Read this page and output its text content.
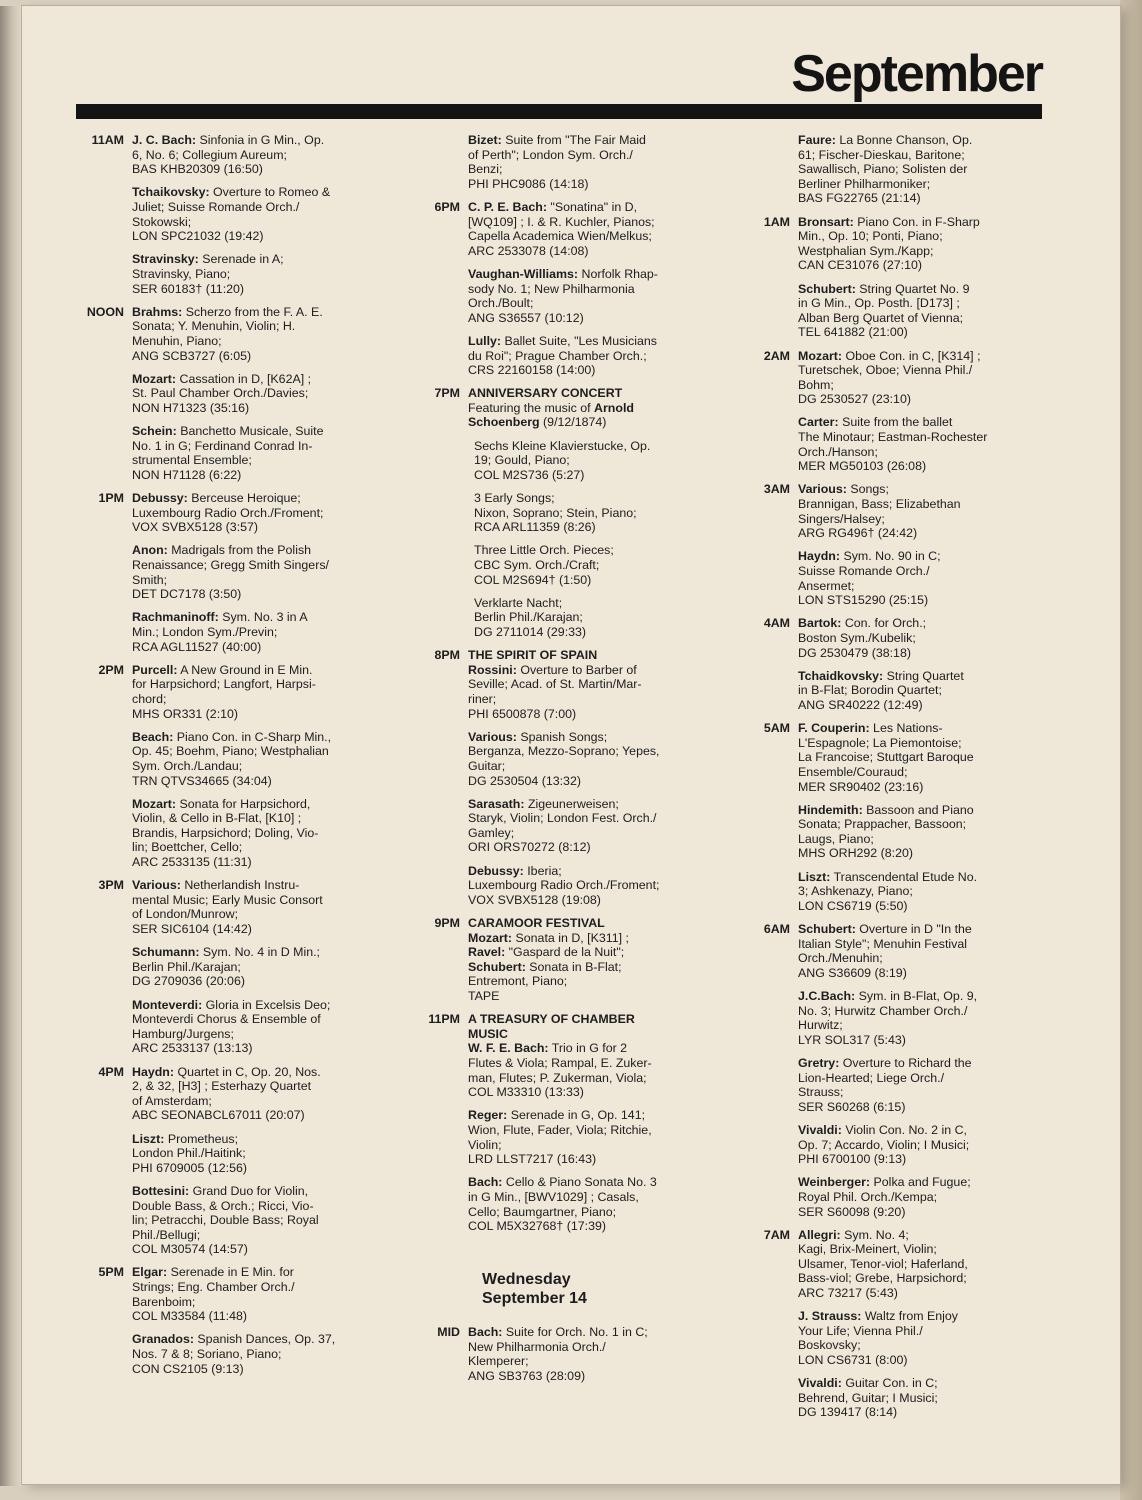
September
11AM J. C. Bach: Sinfonia in G Min., Op.
6, No. 6; Collegium Aureum;
BAS KHB20309 (16:50)
Tchaikovsky: Overture to Romeo &
Juliet; Suisse Romande Orch./
Stokowski;
LON SPC21032 (19:42)
Stravinsky: Serenade in A;
Stravinsky, Piano;
SER 60183† (11:20)
NOON Brahms: Scherzo from the F. A. E.
Sonata; Y. Menuhin, Violin; H.
Menuhin, Piano;
ANG SCB3727 (6:05)
Mozart: Cassation in D, [K62A] ;
St. Paul Chamber Orch./Davies;
NON H71323 (35:16)
Schein: Banchetto Musicale, Suite
No. 1 in G; Ferdinand Conrad In-
strumental Ensemble;
NON H71128 (6:22)
1PM Debussy: Berceuse Heroique;
Luxembourg Radio Orch./Froment;
VOX SVBX5128 (3:57)
Anon: Madrigals from the Polish
Renaissance; Gregg Smith Singers/
Smith;
DET DC7178 (3:50)
Rachmaninoff: Sym. No. 3 in A
Min.; London Sym./Previn;
RCA AGL11527 (40:00)
2PM Purcell: A New Ground in E Min.
for Harpsichord; Langfort, Harpsi-
chord;
MHS OR331 (2:10)
Beach: Piano Con. in C-Sharp Min.,
Op. 45; Boehm, Piano; Westphalian
Sym. Orch./Landau;
TRN QTVS34665 (34:04)
Mozart: Sonata for Harpsichord,
Violin, & Cello in B-Flat, [K10] ;
Brandis, Harpsichord; Doling, Vio-
lin; Boettcher, Cello;
ARC 2533135 (11:31)
3PM Various: Netherlandish Instru-
mental Music; Early Music Consort
of London/Munrow;
SER SIC6104 (14:42)
Schumann: Sym. No. 4 in D Min.;
Berlin Phil./Karajan;
DG 2709036 (20:06)
Monteverdi: Gloria in Excelsis Deo;
Monteverdi Chorus & Ensemble of
Hamburg/Jurgens;
ARC 2533137 (13:13)
4PM Haydn: Quartet in C, Op. 20, Nos.
2, & 32, [H3] ; Esterhazy Quartet
of Amsterdam;
ABC SEONABCL67011 (20:07)
Liszt: Prometheus;
London Phil./Haitink;
PHI 6709005 (12:56)
Bottesini: Grand Duo for Violin,
Double Bass, & Orch.; Ricci, Vio-
lin; Petracchi, Double Bass; Royal
Phil./Bellugi;
COL M30574 (14:57)
5PM Elgar: Serenade in E Min. for
Strings; Eng. Chamber Orch./
Barenboim;
COL M33584 (11:48)
Granados: Spanish Dances, Op. 37,
Nos. 7 & 8; Soriano, Piano;
CON CS2105 (9:13)
Bizet: Suite from "The Fair Maid
of Perth"; London Sym. Orch./
Benzi;
PHI PHC9086 (14:18)
6PM C. P. E. Bach: "Sonatina" in D,
[WQ109] ; I. & R. Kuchler, Pianos;
Capella Academica Wien/Melkus;
ARC 2533078 (14:08)
Vaughan-Williams: Norfolk Rhap-
sody No. 1; New Philharmonia
Orch./Boult;
ANG S36557 (10:12)
Lully: Ballet Suite, "Les Musicians
du Roi"; Prague Chamber Orch.;
CRS 22160158 (14:00)
7PM ANNIVERSARY CONCERT
Featuring the music of Arnold
Schoenberg (9/12/1874)
Sechs Kleine Klavierstucke, Op.
19; Gould, Piano;
COL M2S736 (5:27)
3 Early Songs;
Nixon, Soprano; Stein, Piano;
RCA ARL11359 (8:26)
Three Little Orch. Pieces;
CBC Sym. Orch./Craft;
COL M2S694† (1:50)
Verklarte Nacht;
Berlin Phil./Karajan;
DG 2711014 (29:33)
8PM THE SPIRIT OF SPAIN
Rossini: Overture to Barber of
Seville; Acad. of St. Martin/Mar-
riner;
PHI 6500878 (7:00)
Various: Spanish Songs;
Berganza, Mezzo-Soprano; Yepes,
Guitar;
DG 2530504 (13:32)
Sarasath: Zigeunerweisen;
Staryk, Violin; London Fest. Orch./
Gamley;
ORI ORS70272 (8:12)
Debussy: Iberia;
Luxembourg Radio Orch./Froment;
VOX SVBX5128 (19:08)
9PM CARAMOOR FESTIVAL
Mozart: Sonata in D, [K311] ;
Ravel: "Gaspard de la Nuit";
Schubert: Sonata in B-Flat;
Entremont, Piano;
TAPE
11PM A TREASURY OF CHAMBER
MUSIC
W. F. E. Bach: Trio in G for 2
Flutes & Viola; Rampal, E. Zuker-
man, Flutes; P. Zukerman, Viola;
COL M33310 (13:33)
Reger: Serenade in G, Op. 141;
Wion, Flute, Fader, Viola; Ritchie,
Violin;
LRD LLST7217 (16:43)
Bach: Cello & Piano Sonata No. 3
in G Min., [BWV1029] ; Casals,
Cello; Baumgartner, Piano;
COL M5X32768† (17:39)
Wednesday
September 14
MID Bach: Suite for Orch. No. 1 in C;
New Philharmonia Orch./
Klemperer;
ANG SB3763 (28:09)
Faure: La Bonne Chanson, Op.
61; Fischer-Dieskau, Baritone;
Sawallisch, Piano; Solisten der
Berliner Philharmoniker;
BAS FG22765 (21:14)
1AM Bronsart: Piano Con. in F-Sharp
Min., Op. 10; Ponti, Piano;
Westphalian Sym./Kapp;
CAN CE31076 (27:10)
Schubert: String Quartet No. 9
in G Min., Op. Posth. [D173] ;
Alban Berg Quartet of Vienna;
TEL 641882 (21:00)
2AM Mozart: Oboe Con. in C, [K314] ;
Turetschek, Oboe; Vienna Phil./
Bohm;
DG 2530527 (23:10)
Carter: Suite from the ballet
The Minotaur; Eastman-Rochester
Orch./Hanson;
MER MG50103 (26:08)
3AM Various: Songs;
Brannigan, Bass; Elizabethan
Singers/Halsey;
ARG RG496† (24:42)
Haydn: Sym. No. 90 in C;
Suisse Romande Orch./
Ansermet;
LON STS15290 (25:15)
4AM Bartok: Con. for Orch.;
Boston Sym./Kubelik;
DG 2530479 (38:18)
Tchaidkovsky: String Quartet
in B-Flat; Borodin Quartet;
ANG SR40222 (12:49)
5AM F. Couperin: Les Nations-
L'Espagnole; La Piemontoise;
La Francoise; Stuttgart Baroque
Ensemble/Couraud;
MER SR90402 (23:16)
Hindemith: Bassoon and Piano
Sonata; Prappacher, Bassoon;
Laugs, Piano;
MHS ORH292 (8:20)
Liszt: Transcendental Etude No.
3; Ashkenazy, Piano;
LON CS6719 (5:50)
6AM Schubert: Overture in D "In the
Italian Style"; Menuhin Festival
Orch./Menuhin;
ANG S36609 (8:19)
J.C.Bach: Sym. in B-Flat, Op. 9,
No. 3; Hurwitz Chamber Orch./
Hurwitz;
LYR SOL317 (5:43)
Gretry: Overture to Richard the
Lion-Hearted; Liege Orch./
Strauss;
SER S60268 (6:15)
Vivaldi: Violin Con. No. 2 in C,
Op. 7; Accardo, Violin; I Musici;
PHI 6700100 (9:13)
Weinberger: Polka and Fugue;
Royal Phil. Orch./Kempa;
SER S60098 (9:20)
7AM Allegri: Sym. No. 4;
Kagi, Brix-Meinert, Violin;
Ulsamer, Tenor-viol; Haferland,
Bass-viol; Grebe, Harpsichord;
ARC 73217 (5:43)
J. Strauss: Waltz from Enjoy
Your Life; Vienna Phil./
Boskovsky;
LON CS6731 (8:00)
Vivaldi: Guitar Con. in C;
Behrend, Guitar; I Musici;
DG 139417 (8:14)
